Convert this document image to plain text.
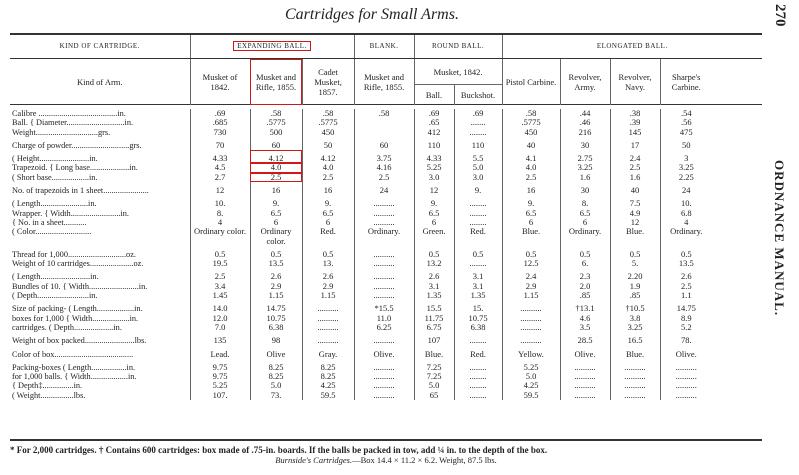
Cartridges for Small Arms.	270
ORDNANCE MANUAL.
KIND OF CARTRIDGE.	EXPANDING BALL.			BLANK.	ROUND BALL.		ELONGATED BALL.			
Kind of Arm.	Musket of 1842.	Musket and Rifle, 1855.	Cadet Musket, 1857.	Musket and Rifle, 1855.	Musket, 1842.		Pistol Carbine.	Revolver, Army.	Revolver, Navy.	Sharpe's Carbine.
					Ball.	Buckshot.				

Calibre ......................................in.	.69	.58	.58	.58	.69	.69	.58	.44	.38	.54
Ball. { Diameter............................in.	.685	.5775	.5775		.65	.......	.5775	.46	.39	.56
Weight..............................grs.	730	500	450		412	........	450	216	145	475
Charge of powder............................grs.	70	60	50	60	110	110	40	30	17	50
( Height........................in.	4.33	4.12	4.12	3.75	4.33	5.5	4.1	2.75	2.4	3
Trapezoid. { Long base...................in.	4.5	4.0	4.0	4.16	5.25	5.0	4.0	3.25	2.5	3.25
( Short base..................in.	2.7	2.5	2.5	2.5	3.0	3.0	2.5	1.6	1.6	2.25
No. of trapezoids in 1 sheet......................	12	16	16	24	12	9.	16	30	40	24
( Length.......................in.	10.	9.	9.	..........	9.	........	9.	8.	7.5	10.
Wrapper. { Width........................in.	8.	6.5	6.5	..........	6.5	........	6.5	6.5	4.9	6.8
{ No. in a sheet...........	4	6	6	..........	6	........	6	6	12	4
( Color...........................	Ordinary color.	Ordinary color.	Red.	Ordinary.	Green.	Red.	Blue.	Ordinary.	Blue.	Ordinary.
Thread for 1,000............................oz.	0.5	0.5	0.5	..........	0.5	0.5	0.5	0.5	0.5	0.5
Weight of 10 cartridges.....................oz.	19.5	13.5	13.	..........	13.2	........	12.5	6.	5.	13.5
( Length........................in.	2.5	2.6	2.6	..........	2.6	3.1	2.4	2.3	2.20	2.6
Bundles of 10. { Width........................in.	3.4	2.9	2.9	..........	3.1	3.1	2.9	2.0	1.9	2.5
( Depth.........................in.	1.45	1.15	1.15	..........	1.35	1.35	1.15	.85	.85	1.1
Size of packing- ( Length..................in.	14.0	14.75	..........	*15.5	15.5	15.	..........	†13.1	†10.5	14.75
boxes for 1,000 { Width..................in.	12.0	10.75	..........	11.0	11.75	10.75	..........	4.6	3.8	8.9
cartridges. ( Depth...................in.	7.0	6.38	..........	6.25	6.75	6.38	..........	3.5	3.25	5.2
Weight of box packed........................lbs.	135	98	..........	..........	107	........	..........	28.5	16.5	78.
Color of box......................................	Lead.	Olive	Gray.	Olive.	Blue.	Red.	Yellow.	Olive.	Blue.	Olive.
Packing-boxes ( Length.................in.	9.75	8.25	8.25	..........	7.25	........	5.25	..........	..........	..........
for 1,000 balls. { Width..................in.	9.75	8.25	8.25	..........	7.25	........	5.0	..........	..........	..........
{ Depth‡...............in.	5.25	5.0	4.25	..........	5.0	........	4.25	..........	..........	..........
( Weight................lbs.	107.	73.	59.5	..........	65	........	59.5	..........	..........	..........
* For 2,000 cartridges. † Contains 600 cartridges: box made of .75-in. boards. If the balls be packed in tow, add ¼ in. to the depth of the box.
Burnside's Cartridges.—Box 14.4 × 11.2 × 6.2. Weight, 87.5 lbs.
